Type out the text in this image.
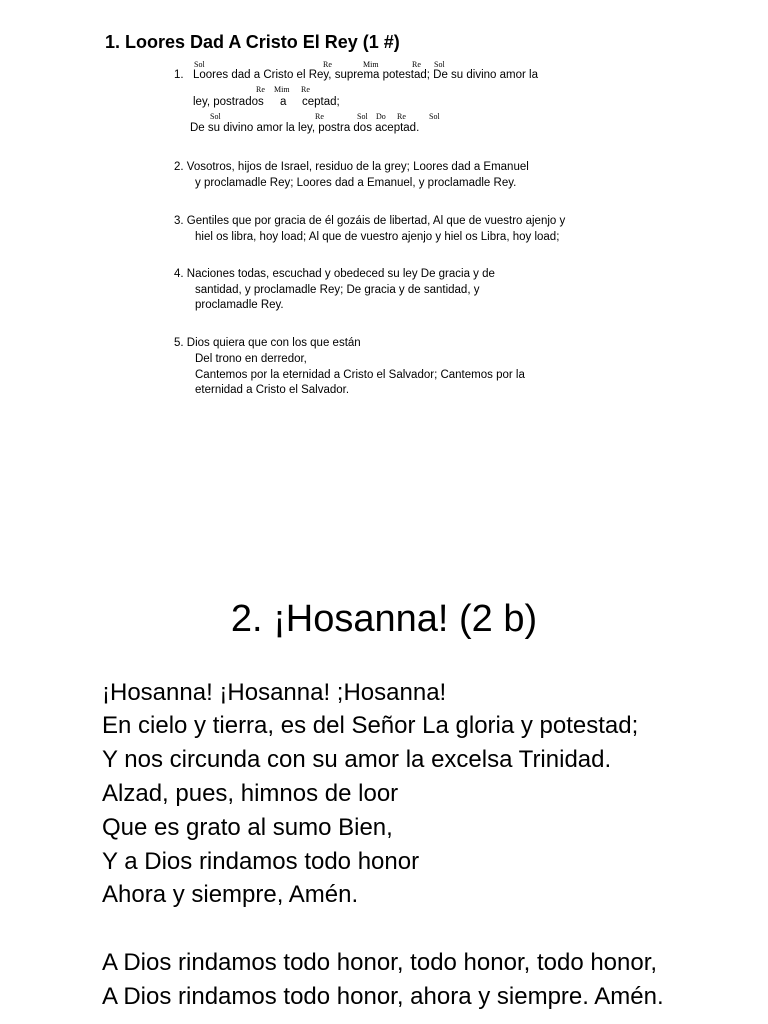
1. Loores Dad A Cristo El Rey (1 #)
Sol	Re	Mim	Re Sol
1. Loores dad a Cristo el Rey, suprema potestad; De su divino amor la
Re Mim Re
ley, postrados a ceptad;
Sol	Re	Sol Do Re	Sol
De su divino amor la ley, postra dos aceptad.
2. Vosotros, hijos de Israel, residuo de la grey; Loores dad a Emanuel
y proclamadle Rey; Loores dad a Emanuel, y proclamadle Rey.
3. Gentiles que por gracia de él gozáis de libertad, Al que de vuestro ajenjo y
hiel os libra, hoy load; Al que de vuestro ajenjo y hiel os Libra, hoy load;
4. Naciones todas, escuchad y obedeced su ley De gracia y de
santidad, y proclamadle Rey; De gracia y de santidad, y
proclamadle Rey.
5. Dios quiera que con los que están
Del trono en derredor,
Cantemos por la eternidad a Cristo el Salvador; Cantemos por la
eternidad a Cristo el Salvador.
2. ¡Hosanna! (2 b)
¡Hosanna! ¡Hosanna! ;Hosanna!
En cielo y tierra, es del Señor La gloria y potestad;
Y nos circunda con su amor la excelsa Trinidad.
Alzad, pues, himnos de loor
Que es grato al sumo Bien,
Y a Dios rindamos todo honor
Ahora y siempre, Amén.
A Dios rindamos todo honor, todo honor, todo honor,
A Dios rindamos todo honor, ahora y siempre. Amén.
